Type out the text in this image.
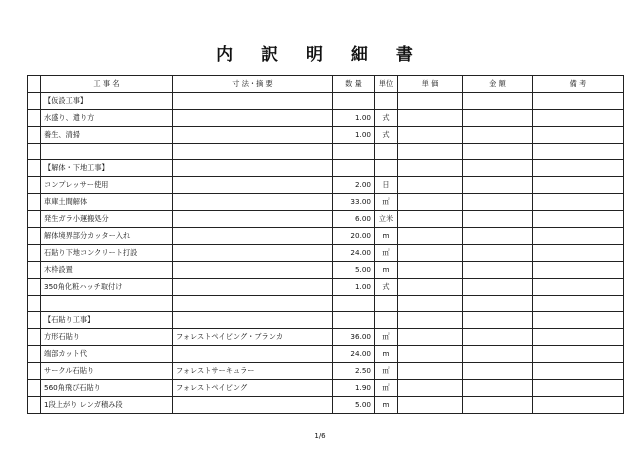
内 訳 明 細 書
	工 事 名	寸 法・摘 要	数 量	単位	単 価	金 額	備 考
	【仮設工事】						
	水盛り、遣り方		1.00	式			
	養生、清掃		1.00	式			

	【解体・下地工事】						
	コンプレッサー使用		2.00	日			
	車庫土間解体		33.00	㎡			
	発生ガラ小運搬処分		6.00	立米			
	解体境界部分カッター入れ		20.00	m			
	石貼り下地コンクリート打設		24.00	㎡			
	木枠設置		5.00	m			
	350角化粧ハッチ取付け		1.00	式			

	【石貼り工事】						
	方形石貼り	フォレストペイビング・ブランカ	36.00	㎡			
	端部カット代		24.00	m			
	サークル石貼り	フォレストサーキュラー	2.50	㎡			
	560角飛び石貼り	フォレストペイビング	1.90	㎡			
	1段上がり レンガ積み段		5.00	m			
1/6
